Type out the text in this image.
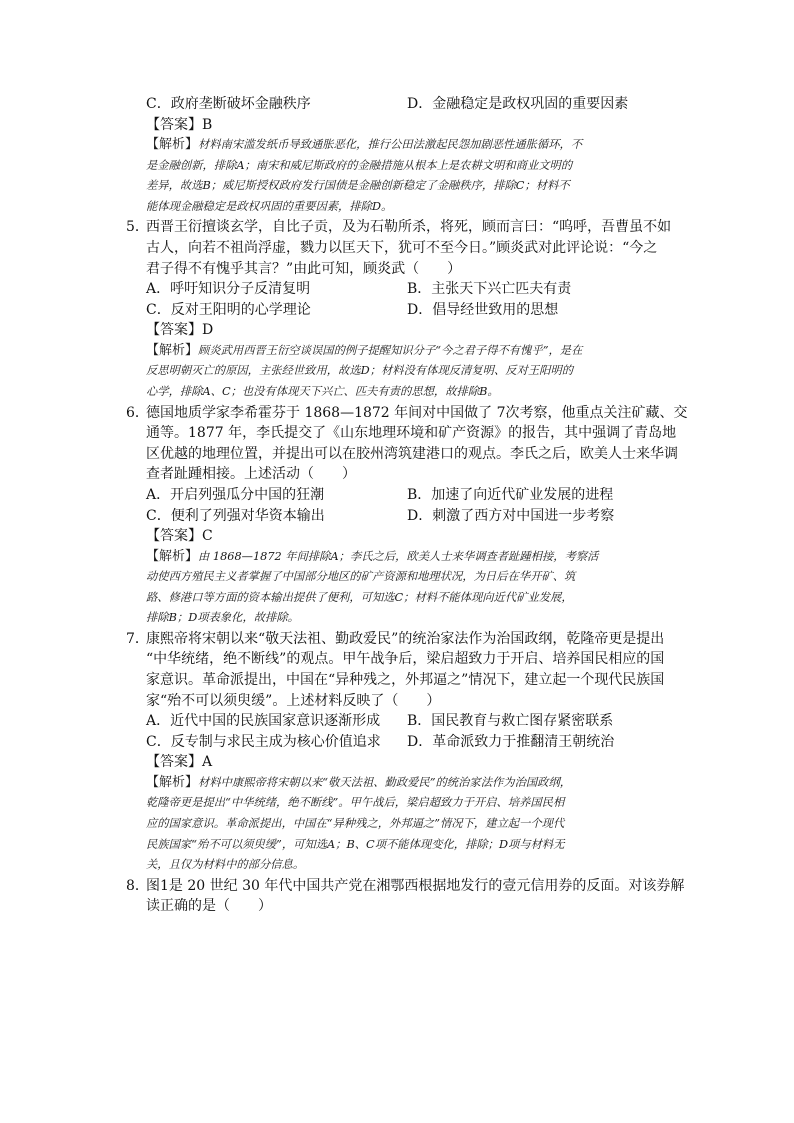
C．政府垄断破坏金融秩序	D．金融稳定是政权巩固的重要因素
【答案】B
【解析】材料南宋滥发纸币导致通胀恶化，推行公田法激起民怨加剧恶性通胀循环，不
是金融创新，排除A；南宋和威尼斯政府的金融措施从根本上是农耕文明和商业文明的
差异，故选B；威尼斯授权政府发行国债是金融创新稳定了金融秩序，排除C；材料不
能体现金融稳定是政权巩固的重要因素，排除D。
5．西晋王衍擅谈玄学，自比子贡，及为石勒所杀，将死，顾而言曰：“呜呼，吾曹虽不如
古人，向若不祖尚浮虚，戮力以匡天下，犹可不至今日。”顾炎武对此评论说：“今之
君子得不有愧乎其言？”由此可知，顾炎武（　　）
A．呼吁知识分子反清复明	B．主张天下兴亡匹夫有责
C．反对王阳明的心学理论	D．倡导经世致用的思想
【答案】D
【解析】顾炎武用西晋王衍空谈误国的例子提醒知识分子“今之君子得不有愧乎”，是在
反思明朝灭亡的原因，主张经世致用，故选D；材料没有体现反清复明、反对王阳明的
心学，排除A、C；也没有体现天下兴亡、匹夫有责的思想，故排除B。
6．德国地质学家李希霍芬于 1868—1872 年间对中国做了 7次考察，他重点关注矿藏、交
通等。1877 年，李氏提交了《山东地理环境和矿产资源》的报告，其中强调了青岛地
区优越的地理位置，并提出可以在胶州湾筑建港口的观点。李氏之后，欧美人士来华调
查者趾踵相接。上述活动（　　）
A．开启列强瓜分中国的狂潮	B．加速了向近代矿业发展的进程
C．便利了列强对华资本输出	D．刺激了西方对中国进一步考察
【答案】C
【解析】由 1868—1872 年间排除A；李氏之后，欧美人士来华调查者趾踵相接，考察活
动使西方殖民主义者掌握了中国部分地区的矿产资源和地理状况，为日后在华开矿、筑
路、修港口等方面的资本输出提供了便利，可知选C；材料不能体现向近代矿业发展，
排除B；D项表象化，故排除。
7．康熙帝将宋朝以来“敬天法祖、勤政爱民”的统治家法作为治国政纲，乾隆帝更是提出
“中华统绪，绝不断线”的观点。甲午战争后，梁启超致力于开启、培养国民相应的国
家意识。革命派提出，中国在“异种残之，外邦逼之”情况下，建立起一个现代民族国
家“殆不可以须臾缓”。上述材料反映了（　　）
A．近代中国的民族国家意识逐渐形成	B．国民教育与救亡图存紧密联系
C．反专制与求民主成为核心价值追求	D．革命派致力于推翻清王朝统治
【答案】A
【解析】材料中康熙帝将宋朝以来“敬天法祖、勤政爱民”的统治家法作为治国政纲，
乾隆帝更是提出“中华统绪，绝不断线”。甲午战后，梁启超致力于开启、培养国民相
应的国家意识。革命派提出，中国在“异种残之，外邦逼之”情况下，建立起一个现代
民族国家“殆不可以须臾缓”，可知选A；B、C项不能体现变化，排除；D项与材料无
关，且仅为材料中的部分信息。
8．图1是 20 世纪 30 年代中国共产党在湘鄂西根据地发行的壹元信用券的反面。对该券解
读正确的是（　　）
